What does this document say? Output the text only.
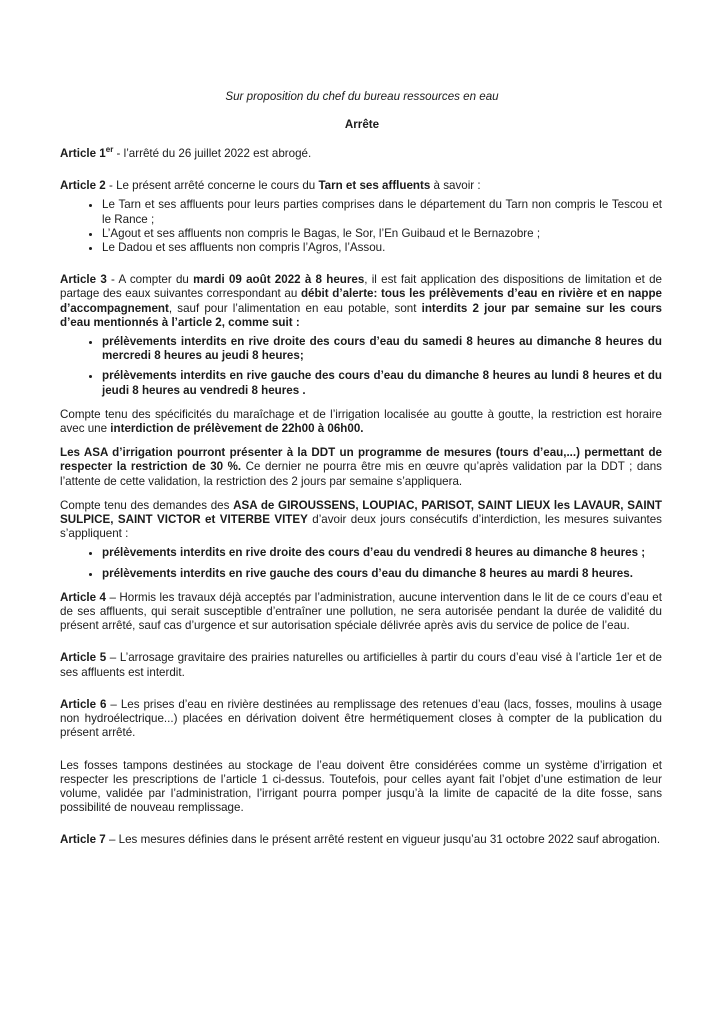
Sur proposition du chef du bureau ressources en eau
Arrête

Article 1er - l’arrêté du 26 juillet 2022 est abrogé.

Article 2 - Le présent arrêté concerne le cours du Tarn et ses affluents à savoir :

• Le Tarn et ses affluents pour leurs parties comprises dans le département du Tarn non compris le Tescou et le Rance ;
• L’Agout et ses affluents non compris le Bagas, le Sor, l’En Guibaud et le Bernazobre ;
• Le Dadou et ses affluents non compris l’Agros, l’Assou.

Article 3 - A compter du mardi 09 août 2022 à 8 heures, il est fait application des dispositions de limitation et de partage des eaux suivantes correspondant au débit d’alerte: tous les prélèvements d’eau en rivière et en nappe d’accompagnement, sauf pour l’alimentation en eau potable, sont interdits 2 jour par semaine sur les cours d’eau mentionnés à l’article 2, comme suit :

• prélèvements interdits en rive droite des cours d’eau du samedi 8 heures au dimanche 8 heures du mercredi 8 heures au jeudi 8 heures;
• prélèvements interdits en rive gauche des cours d’eau du dimanche 8 heures au lundi 8 heures et du jeudi 8 heures au vendredi 8 heures .

Compte tenu des spécificités du maraîchage et de l’irrigation localisée au goutte à goutte, la restriction est horaire avec une interdiction de prélèvement de 22h00 à 06h00.

Les ASA d’irrigation pourront présenter à la DDT un programme de mesures (tours d’eau,...) permettant de respecter la restriction de 30 %. Ce dernier ne pourra être mis en œuvre qu’après validation par la DDT ; dans l’attente de cette validation, la restriction des 2 jours par semaine s’appliquera.

Compte tenu des demandes des ASA de GIROUSSENS, LOUPIAC, PARISOT, SAINT LIEUX les LAVAUR, SAINT SULPICE, SAINT VICTOR et VITERBE VITEY d’avoir deux jours consécutifs d’interdiction, les mesures suivantes s’appliquent :

• prélèvements interdits en rive droite des cours d’eau du vendredi 8 heures au dimanche 8 heures ;
• prélèvements interdits en rive gauche des cours d’eau du dimanche 8 heures au mardi 8 heures.

Article 4 – Hormis les travaux déjà acceptés par l’administration, aucune intervention dans le lit de ce cours d’eau et de ses affluents, qui serait susceptible d’entraîner une pollution, ne sera autorisée pendant la durée de validité du présent arrêté, sauf cas d’urgence et sur autorisation spéciale délivrée après avis du service de police de l’eau.

Article 5 – L’arrosage gravitaire des prairies naturelles ou artificielles à partir du cours d’eau visé à l’article 1er et de ses affluents est interdit.

Article 6 – Les prises d’eau en rivière destinées au remplissage des retenues d’eau (lacs, fosses, moulins à usage non hydroélectrique...) placées en dérivation doivent être hermétiquement closes à compter de la publication du présent arrêté.

Les fosses tampons destinées au stockage de l’eau doivent être considérées comme un système d’irrigation et respecter les prescriptions de l’article 1 ci-dessus. Toutefois, pour celles ayant fait l’objet d’une estimation de leur volume, validée par l’administration, l’irrigant pourra pomper jusqu’à la limite de capacité de la dite fosse, sans possibilité de nouveau remplissage.

Article 7 – Les mesures définies dans le présent arrêté restent en vigueur jusqu’au 31 octobre 2022 sauf abrogation.
